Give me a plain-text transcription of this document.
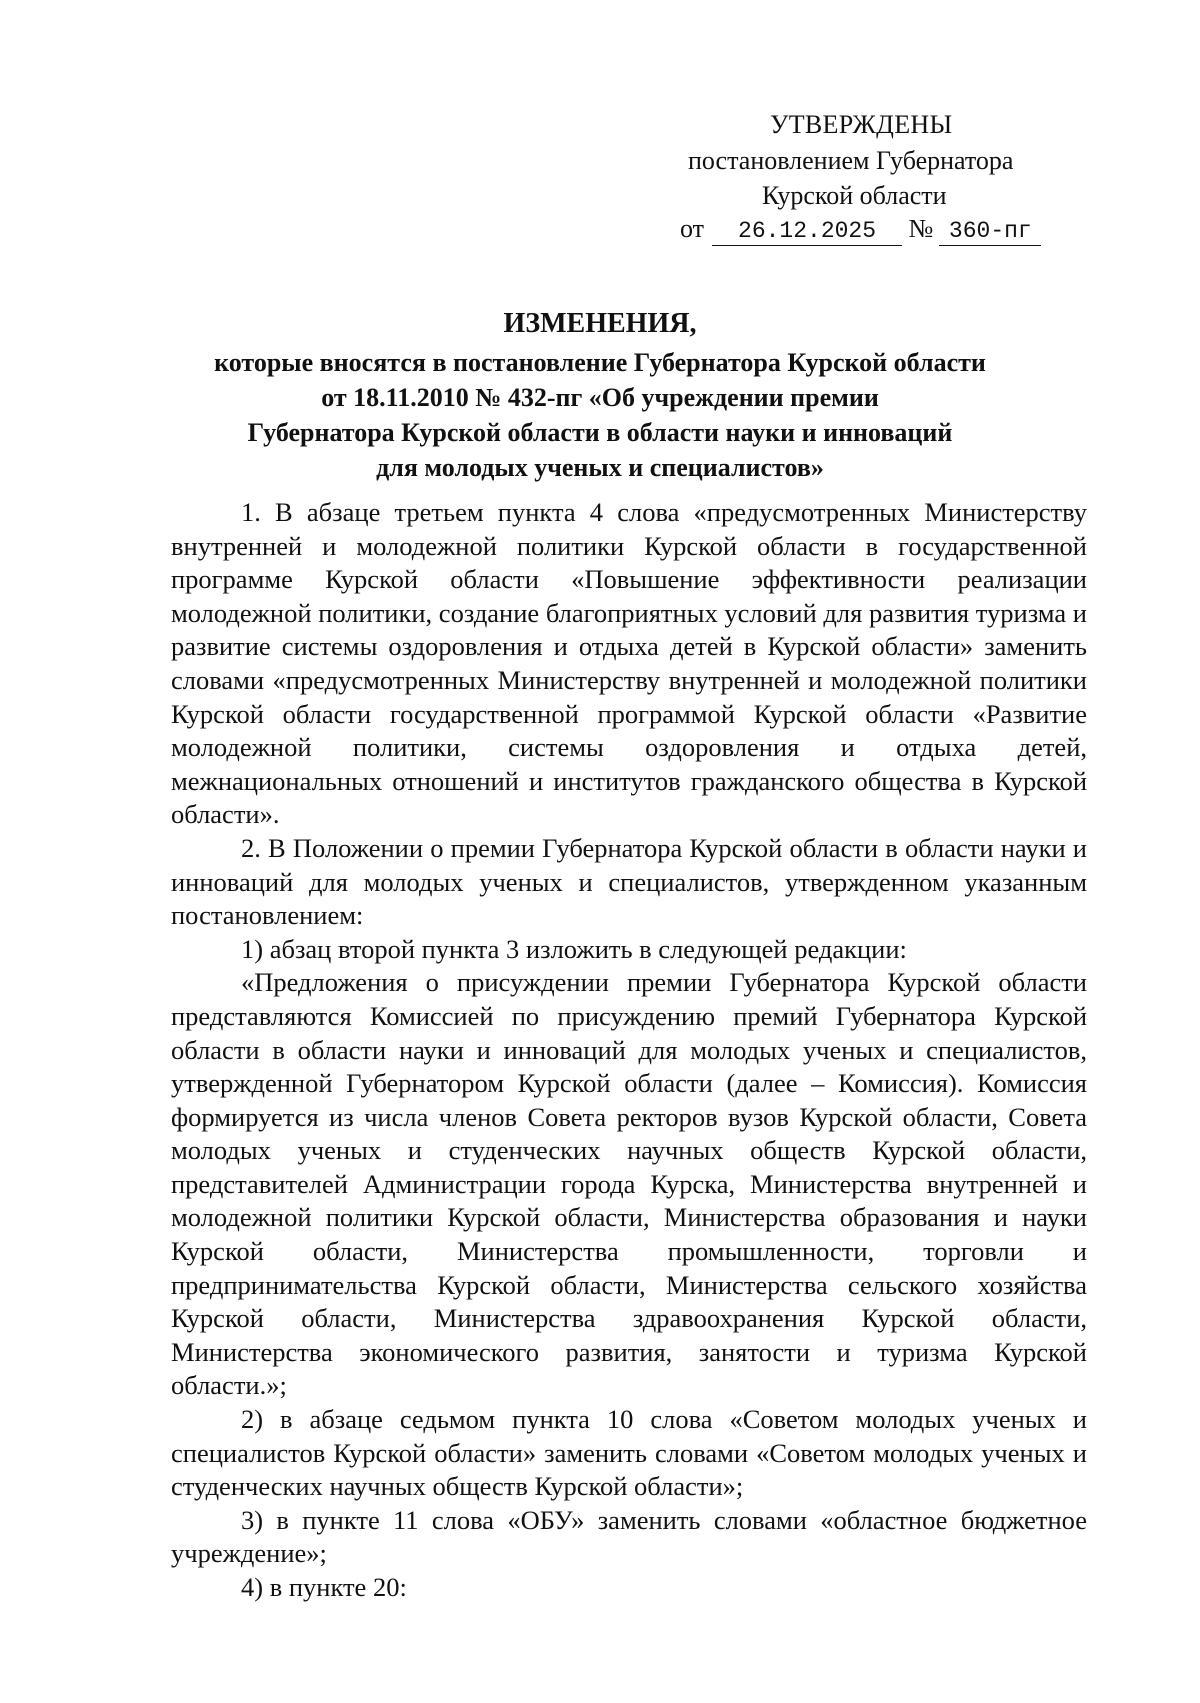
УТВЕРЖДЕНЫ
постановлением Губернатора
Курской области
от 26.12.2025 № 360-пг
ИЗМЕНЕНИЯ,
которые вносятся в постановление Губернатора Курской области
от 18.11.2010 № 432-пг «Об учреждении премии
Губернатора Курской области в области науки и инноваций
для молодых ученых и специалистов»

1. В абзаце третьем пункта 4 слова «предусмотренных Министерству внутренней и молодежной политики Курской области в государственной программе Курской области «Повышение эффективности реализации молодежной политики, создание благоприятных условий для развития туризма и развитие системы оздоровления и отдыха детей в Курской области» заменить словами «предусмотренных Министерству внутренней и молодежной политики Курской области государственной программой Курской области «Развитие молодежной политики, системы оздоровления и отдыха детей, межнациональных отношений и институтов гражданского общества в Курской области».

2. В Положении о премии Губернатора Курской области в области науки и инноваций для молодых ученых и специалистов, утвержденном указанным постановлением:

1) абзац второй пункта 3 изложить в следующей редакции:

«Предложения о присуждении премии Губернатора Курской области представляются Комиссией по присуждению премий Губернатора Курской области в области науки и инноваций для молодых ученых и специалистов, утвержденной Губернатором Курской области (далее – Комиссия). Комиссия формируется из числа членов Совета ректоров вузов Курской области, Совета молодых ученых и студенческих научных обществ Курской области, представителей Администрации города Курска, Министерства внутренней и молодежной политики Курской области, Министерства образования и науки Курской области, Министерства промышленности, торговли и предпринимательства Курской области, Министерства сельского хозяйства Курской области, Министерства здравоохранения Курской области, Министерства экономического развития, занятости и туризма Курской области.»;

2) в абзаце седьмом пункта 10 слова «Советом молодых ученых и специалистов Курской области» заменить словами «Советом молодых ученых и студенческих научных обществ Курской области»;

3) в пункте 11 слова «ОБУ» заменить словами «областное бюджетное учреждение»;

4) в пункте 20:
